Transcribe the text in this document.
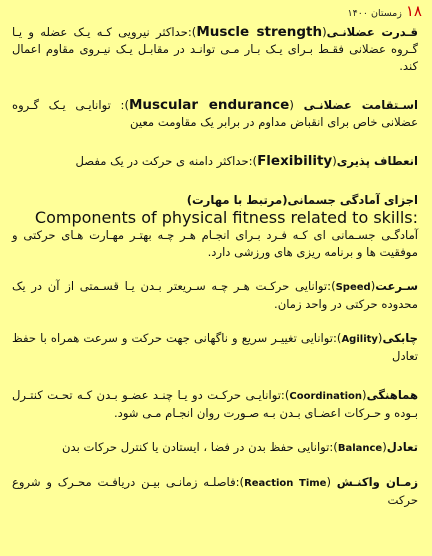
۱۸
زمستان ۱۴۰۰

قـدرت عضلانـی(Muscle strength):حداکثر نیرویی کـه یـک عضله و یـا گـروه عضلانی فقـط بـرای یـک بـار مـی توانـد در مقابـل یـک نیـروی مقاوم اعمال کند.

اسـتقامت عضلانـی (Muscular endurance): توانایـی یـک گـروه عضلانی خاص برای انقباض مداوم در برابر یک مقاومت معین

انعطاف پذیری(Flexibility):حداکثر دامنه ی حرکت در یک مفصل

اجزای آمادگی جسمانی(مرتبط با مهارت)
Components of physical fitness related to skills:
آمادگـی جسـمانی ای کـه فـرد بـرای انجـام هـر چـه بهتـر مهـارت هـای حرکتی و موفقیت ها و برنامه ریزی های ورزشی دارد.

سـرعت(Speed):توانایی حرکـت هـر چـه سـریعتر بـدن یـا قسـمتی از آن در یک محدوده حرکتی در واحد زمان.

چابکی(Agility):توانایی تغییـر سریع و ناگهانی جهت حرکت و سرعت همراه با حفظ تعادل

هماهنگی(Coordination):توانایـی حرکـت دو یـا چنـد عضـو بـدن کـه تحـت کنتـرل بـوده و حـرکات اعضـای بـدن بـه صـورت روان انجـام مـی شود.

تعادل(Balance):توانایی حفظ بدن در فضا ، ایستادن یا کنترل حرکات بدن

زمـان واکنـش (Reaction Time):فاصلـه زمانـی بیـن دریافـت محـرک و شروع حرکت
